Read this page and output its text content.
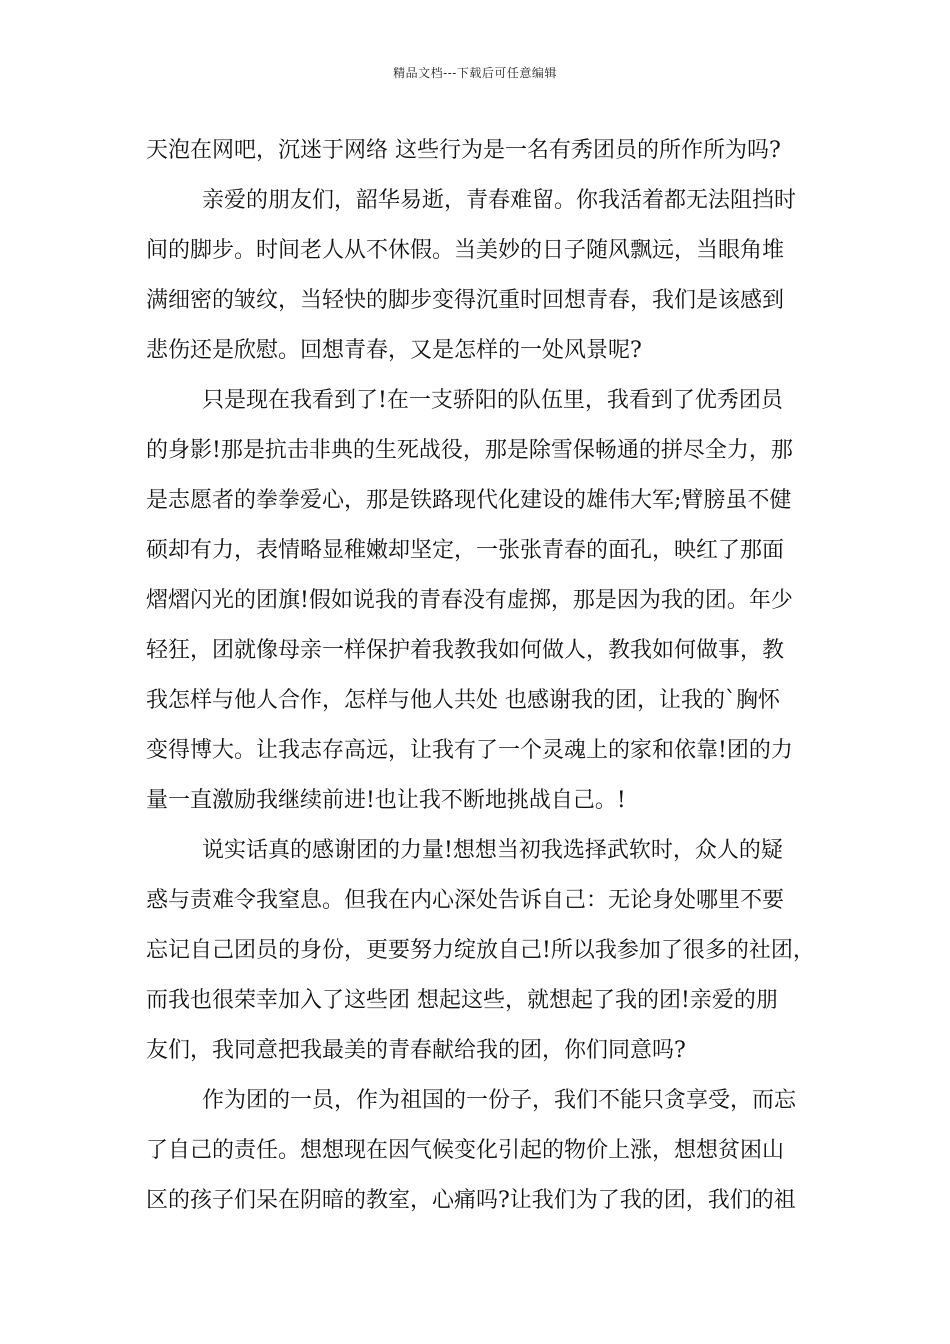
精品文档---下载后可任意编辑
天泡在网吧，沉迷于网络 这些行为是一名有秀团员的所作所为吗?
亲爱的朋友们，韶华易逝，青春难留。你我活着都无法阻挡时
间的脚步。时间老人从不休假。当美妙的日子随风飘远，当眼角堆
满细密的皱纹，当轻快的脚步变得沉重时回想青春，我们是该感到
悲伤还是欣慰。回想青春，又是怎样的一处风景呢?
只是现在我看到了!在一支骄阳的队伍里，我看到了优秀团员
的身影!那是抗击非典的生死战役，那是除雪保畅通的拼尽全力，那
是志愿者的拳拳爱心，那是铁路现代化建设的雄伟大军;臂膀虽不健
硕却有力，表情略显稚嫩却坚定，一张张青春的面孔，映红了那面
熠熠闪光的团旗!假如说我的青春没有虚掷，那是因为我的团。年少
轻狂，团就像母亲一样保护着我教我如何做人，教我如何做事，教
我怎样与他人合作，怎样与他人共处 也感谢我的团，让我的`胸怀
变得博大。让我志存高远，让我有了一个灵魂上的家和依靠!团的力
量一直激励我继续前进!也让我不断地挑战自己。!
说实话真的感谢团的力量!想想当初我选择武软时，众人的疑
惑与责难令我窒息。但我在内心深处告诉自己：无论身处哪里不要
忘记自己团员的身份，更要努力绽放自己!所以我参加了很多的社团，
而我也很荣幸加入了这些团 想起这些，就想起了我的团!亲爱的朋
友们，我同意把我最美的青春献给我的团，你们同意吗?
作为团的一员，作为祖国的一份子，我们不能只贪享受，而忘
了自己的责任。想想现在因气候变化引起的物价上涨，想想贫困山
区的孩子们呆在阴暗的教室，心痛吗?让我们为了我的团，我们的祖
